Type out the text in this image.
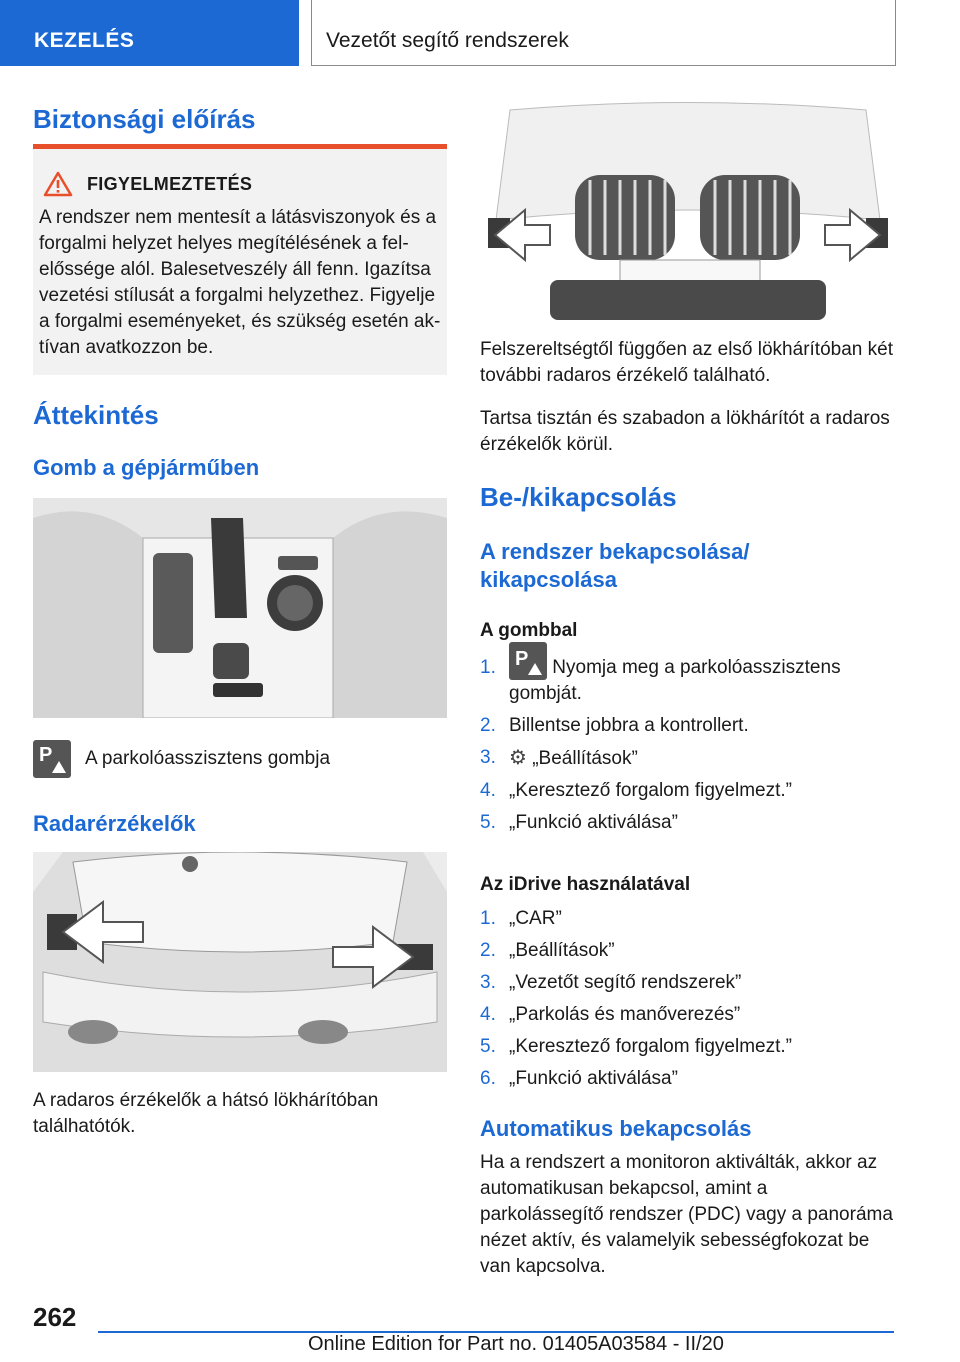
KEZELÉS	Vezetőt segítő rendszerek
Biztonsági előírás
FIGYELMEZTETÉS
A rendszer nem mentesít a látásviszonyok és a forgalmi helyzet helyes megítélésének a felelőssége alól. Balesetveszély áll fenn. Igazítsa vezetési stílusát a forgalmi helyzethez. Figyelje a forgalmi eseményeket, és szükség esetén aktívan avatkozzon be.
Áttekintés
Gomb a gépjárműben
P A parkolóasszisztens gombja
Radarérzékelők

A radaros érzékelők a hátsó lökhárítóban találhatótók.

Felszereltségtől függően az első lökhárítóban két további radaros érzékelő található.

Tartsa tisztán és szabadon a lökhárítót a radaros érzékelők körül.

Be-/kikapcsolás
A rendszer bekapcsolása/ kikapcsolása
A gombbal
1. P Nyomja meg a parkolóasszisztens gombját.
2. Billentse jobbra a kontrollert.
3. ⚙ „Beállítások”
4. „Keresztező forgalom figyelmezt.”
5. „Funkció aktiválása”
Az iDrive használatával
1. „CAR”
2. „Beállítások”
3. „Vezetőt segítő rendszerek”
4. „Parkolás és manőverezés”
5. „Keresztező forgalom figyelmezt.”
6. „Funkció aktiválása”
Automatikus bekapcsolás

Ha a rendszert a monitoron aktiválták, akkor az automatikusan bekapcsol, amint a parkolássegítő rendszer (PDC) vagy a panoráma nézet aktív, és valamelyik sebességfokozat be van kapcsolva.

262
Online Edition for Part no. 01405A03584 - II/20
